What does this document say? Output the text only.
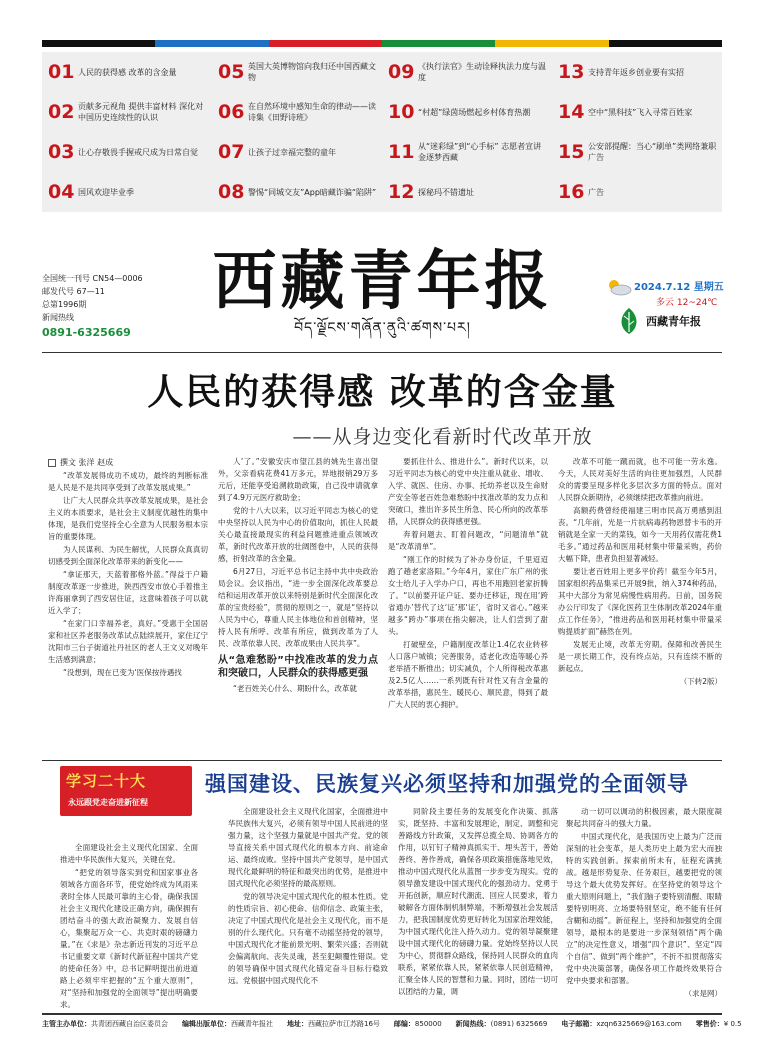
01 人民的获得感 改革的含金量
02 贡献多元视角 提供丰富材料 深化对中国历史连续性的认识
03 让心存敬畏手握戒尺成为日常自觉
04 国风欢迎毕业季
05 英国大英博物馆向我归还中国西藏文物
06 在自然环境中感知生命的律动——读诗集《田野诗班》
07 让孩子过幸福完整的童年
08 警惕“同城交友”App暗藏诈骗“陷阱”
09 《执行法官》生动诠释执法力度与温度
10 “村超”绿茵场燃起乡村体育热潮
11 从“迷彩绿”到“心手标” 志愿者宣讲金逐梦西藏
12 探秘玛不错遗址
13 支持青年返乡创业要有实招
14 空中“黑科技”飞入寻常百姓家
15 公安部提醒：当心“刷单”类网络兼职广告
16 广告
西藏青年报
བོད་ལྗོངས་གཞོན་ནུའི་ཚགས་པར།
全国统一刊号 CN54—0006
邮发代号 67—11
总第1996期
新闻热线
0891-6325669
2024.7.12 星期五
多云 12~24℃
西藏青年报
人民的获得感 改革的含金量
——从身边变化看新时代改革开放
撰文 张洋 赵成

“改革发展得成功不成功，最终的判断标准是人民是不是共同享受到了改革发展成果。”

让广大人民群众共享改革发展成果，是社会主义的本质要求，是社会主义制度优越性的集中体现，是我们党坚持全心全意为人民服务根本宗旨的重要体现。

为人民谋利、为民生解忧，人民群众真真切切感受到全面深化改革带来的新变化——

“拿证那天，天蓝着都格外蓝。”得益于户籍制度改革逐一步推进，陕西西安市放心手着推主许海丽拿到了西安居住证，这意味着孩子可以就近入学了；

“在家门口幸福养老，真好。”受惠于全国居家和社区养老服务改革试点陆续展开，家住辽宁沈阳市三台子街道社丹社区的老人王文义对晚年生活感到满意；

“没想到，现在已变为‘医保按待遇找

人’了。”安徽安庆市望江县的姚先生喜出望外，父亲看病花费41万多元，异地报销29万多元后，还能享受追溯救助政策，自己没申请就拿到了4.9万元医疗救助金；

党的十八大以来，以习近平同志为核心的党中央坚持以人民为中心的价值取向，抓住人民最关心最直接最现实的利益问题推进重点领域改革，新时代改革开放的壮阔图卷中，人民的获得感，折射改革的含金量。

6月27日，习近平总书记主持中共中央政治局会议。会议指出，“进一步全面深化改革要总结和运用改革开放以来特别是新时代全面深化改革的宝贵经验”，贯彻的原则之一，就是“坚持以人民为中心，尊重人民主体地位和首创精神，坚持人民有所呼、改革有所应，做到改革为了人民、改革依靠人民、改革成果由人民共享”。

从“急难愁盼”中找准改革的发力点和突破口，人民群众的获得感更强

“老百姓关心什么、期盼什么，改革就

要抓住什么、推进什么”。新时代以来，以习近平同志为核心的党中央注重从就业、增收、入学、就医、住房、办事、托幼养老以及生命财产安全等老百姓急难愁盼中找准改革的发力点和突破口，推出许多民生所急、民心所向的改革举措，人民群众的获得感更强。

奔着问题去、盯着问题改，“问题清单”就是“改革清单”。

“刚工作的时候为了补办身份证，千里迢迢跑了趟老家洛阳。”今年4月，家住广东广州的张女士给儿子入学办户口，再也不用跑回老家折腾了。“以前要开证户证、要办迁移证，现在用‘跨省通办’替代了这‘证’那‘证’，省时又省心。”越来越多“跨办”事项在指尖解决，让人们尝到了甜头。

打破壁垒，户籍制度改革让1.4亿农业转移人口落户城镇；完善服务，适老化改造等暖心养老举措不断推出；切实减负，个人所得税改革惠及2.5亿人……一系列既有针对性又有含金量的改革举措，惠民生、暖民心、顺民意，得到了最广大人民的衷心拥护。

改革不可能一蹴而就，也不可能一劳永逸。今天，人民对美好生活的向往更加强烈，人民群众的需要呈现多样化多层次多方面的特点。面对人民群众新期待，必须继续把改革推向前进。

高额药费曾经使福建三明市民高万勇感到沮丧。“几年前，光是一片抗病毒药物恩替卡韦的开销就是全家一天的菜钱，如今一天用药仅需花费1毛多。”通过药品和医用耗材集中带量采购，药价大幅下降，患者负担显著减轻。

要让老百姓用上更多平价药！截至今年5月，国家组织药品集采已开展9批，纳入374种药品，其中大部分为常见病慢性病用药。日前，国务院办公厅印发了《深化医药卫生体制改革2024年重点工作任务》，“推进药品和医用耗材集中带量采购提质扩面”赫然在列。

发展无止境，改革无穷期。保障和改善民生是一项长期工作，没有终点站，只有连续不断的新起点。

（下转2版）

学习二十大
永远跟党走奋进新征程
强国建设、民族复兴必须坚持和加强党的全面领导

全面建设社会主义现代化国家、全面推进中华民族伟大复兴，关键在党。

“把党的领导落实到党和国家事业各领域各方面各环节，使党始终成为风雨来袭时全体人民最可靠的主心骨，确保我国社会主义现代化建设正确方向，确保拥有团结奋斗的强大政治凝聚力、发展自信心，集聚起万众一心、共克时艰的磅礴力量。”在《求是》杂志新近刊发的习近平总书记重要文章《新时代新征程中国共产党的使命任务》中，总书记鲜明提出前进道路上必须牢牢把握的“五个重大原则”，对“坚持和加强党的全面领导”提出明确要求。

全面建设社会主义现代化国家，全面推进中华民族伟大复兴，必须有领导中国人民前进的坚强力量，这个坚强力量就是中国共产党。党的领导直接关系中国式现代化的根本方向、前途命运、最终成败。坚持中国共产党领导，是中国式现代化最鲜明的特征和最突出的优势，是推进中国式现代化必须坚持的最高原则。

党的领导决定中国式现代化的根本性质。党的性质宗旨、初心使命、信仰信念、政策主张，决定了中国式现代化是社会主义现代化，而不是别的什么现代化。只有毫不动摇坚持党的领导，中国式现代化才能前景光明、繁荣兴盛；否则就会偏离航向、丧失灵魂，甚至犯颠覆性错误。党的领导确保中国式现代化锚定奋斗目标行稳致远。党根据中国式现代化不

同阶段主要任务的发展变化作决策、抓落实，既坚持、丰富和发展理论，制定、调整和完善路线方针政策，又发挥总揽全局、协调各方的作用，以钉钉子精神真抓实干、埋头苦干，善始善终、善作善成，确保各项政策措施落地见效，推动中国式现代化从蓝图一步步变为现实。党的领导激发建设中国式现代化的强劲动力。党勇于开拓创新，顺应时代潮流、回应人民要求，着力破解各方面体制机制弊端，不断增强社会发展活力，把我国制度优势更好转化为国家治理效能，为中国式现代化注入持久动力。党的领导凝聚建设中国式现代化的磅礴力量。党始终坚持以人民为中心，贯彻群众路线，保持同人民群众的血肉联系，紧紧依靠人民，紧紧依靠人民创造精神，汇聚全体人民的智慧和力量。同时，团结一切可以团结的力量，调

动一切可以调动的积极因素，最大限度凝聚起共同奋斗的强大力量。

中国式现代化，是我国历史上最为广泛而深刻的社会变革，是人类历史上最为宏大而独特的实践创新。探索前所未有，征程充满挑战。越是形势复杂、任务艰巨，越要把党的领导这个最大优势发挥好。在坚持党的领导这个重大原则问题上，“我们脑子要特别清醒、眼睛要特别明亮、立场要特别坚定，绝不能有任何含糊和动摇”。新征程上，坚持和加强党的全面领导，最根本的是要进一步深刻领悟“两个确立”的决定性意义，增强“四个意识”、坚定“四个自信”、做到“两个维护”，不折不扣贯彻落实党中央决策部署，确保各项工作最终效果符合党中央要求和部署。

（求是网）

主管主办单位：共青团西藏自治区委员会 编辑出版单位：西藏青年报社 地址：西藏拉萨市江苏路16号 邮编：850000 新闻热线：(0891) 6325669 电子邮箱：xzqn6325669@163.com 零售价：¥ 0.5
